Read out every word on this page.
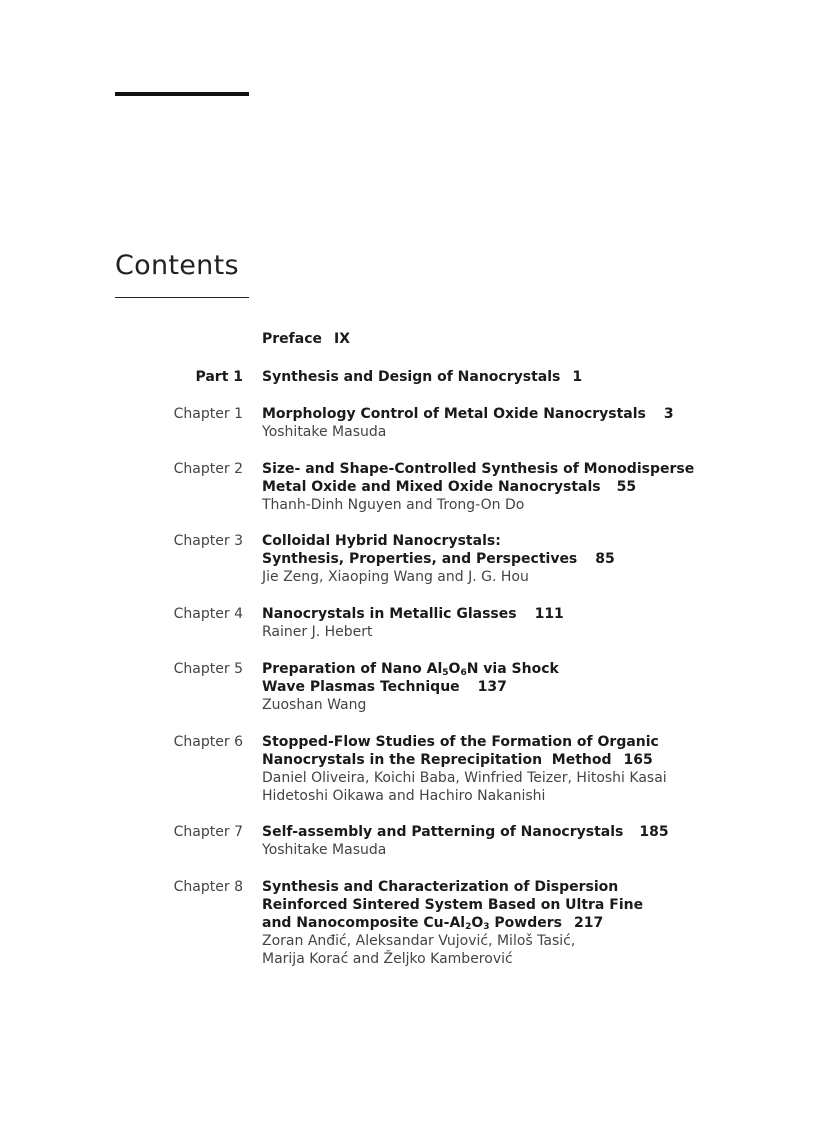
Contents
Preface IX
Part 1 Synthesis and Design of Nanocrystals 1
Chapter 1 Morphology Control of Metal Oxide Nanocrystals 3
Yoshitake Masuda
Chapter 2 Size- and Shape-Controlled Synthesis of Monodisperse
Metal Oxide and Mixed Oxide Nanocrystals 55
Thanh-Dinh Nguyen and Trong-On Do
Chapter 3 Colloidal Hybrid Nanocrystals:
Synthesis, Properties, and Perspectives 85
Jie Zeng, Xiaoping Wang and J. G. Hou
Chapter 4 Nanocrystals in Metallic Glasses 111
Rainer J. Hebert
Chapter 5 Preparation of Nano $Al_5O_6N$ via Shock
Wave Plasmas Technique 137
Zuoshan Wang
Chapter 6 Stopped-Flow Studies of the Formation of Organic
Nanocrystals in the Reprecipitation  Method 165
Daniel Oliveira, Koichi Baba, Winfried Teizer, Hitoshi Kasai
Hidetoshi Oikawa and Hachiro Nakanishi
Chapter 7 Self-assembly and Patterning of Nanocrystals 185
Yoshitake Masuda
Chapter 8 Synthesis and Characterization of Dispersion
Reinforced Sintered System Based on Ultra Fine
and Nanocomposite $Cu-Al_2O_3$ Powders 217
Zoran Anđić, Aleksandar Vujović, Miloš Tasić,
Marija Korać and Željko Kamberović
